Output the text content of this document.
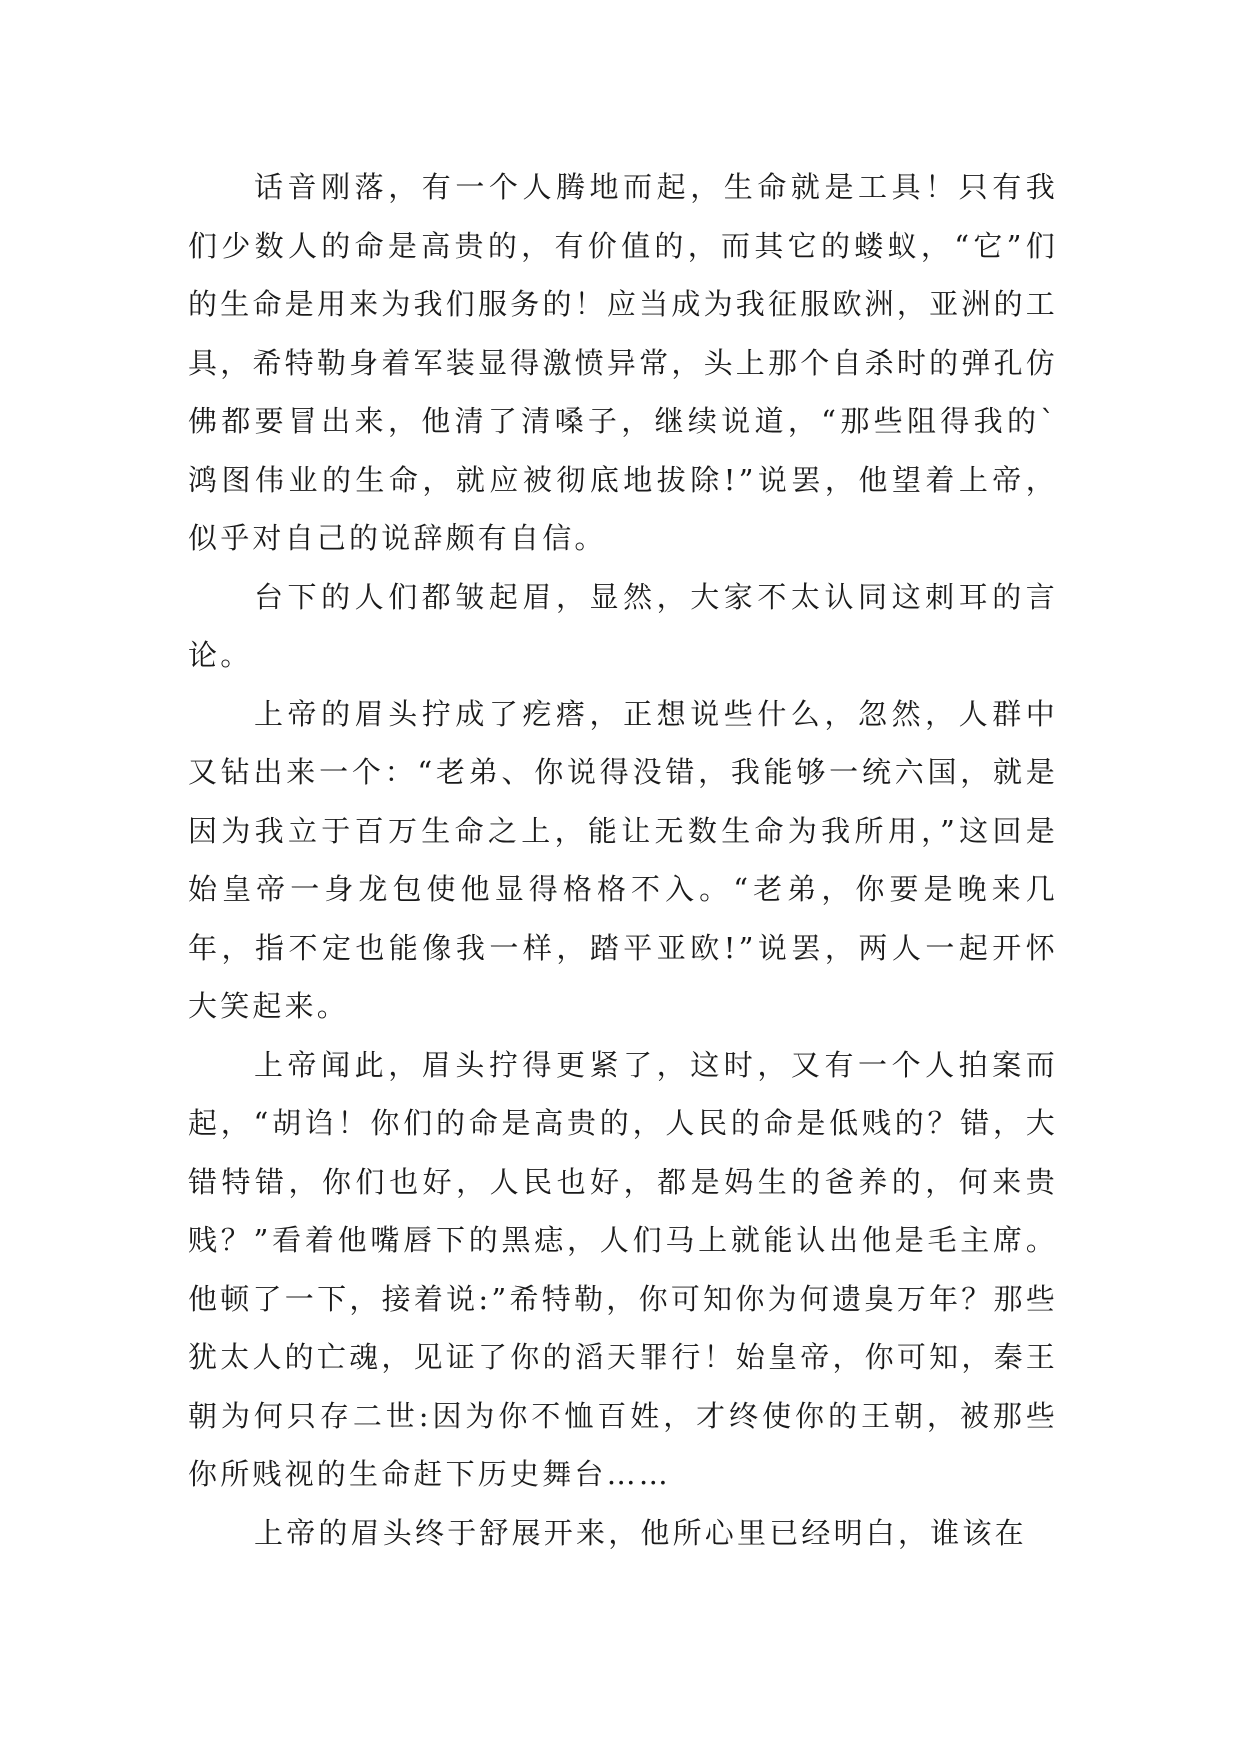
话音刚落，有一个人腾地而起，生命就是工具！只有我们少数人的命是高贵的，有价值的，而其它的蝼蚁，“它”们的生命是用来为我们服务的！应当成为我征服欧洲，亚洲的工具，希特勒身着军装显得激愤异常，头上那个自杀时的弹孔仿佛都要冒出来，他清了清嗓子，继续说道，“那些阻得我的`鸿图伟业的生命，就应被彻底地拔除!”说罢，他望着上帝，似乎对自己的说辞颇有自信。

台下的人们都皱起眉，显然，大家不太认同这刺耳的言论。

上帝的眉头拧成了疙瘩，正想说些什么，忽然，人群中又钻出来一个：“老弟、你说得没错，我能够一统六国，就是因为我立于百万生命之上，能让无数生命为我所用，”这回是始皇帝一身龙包使他显得格格不入。“老弟，你要是晚来几年，指不定也能像我一样，踏平亚欧!”说罢，两人一起开怀大笑起来。

上帝闻此，眉头拧得更紧了，这时，又有一个人拍案而起，“胡诌！你们的命是高贵的，人民的命是低贱的？错，大错特错，你们也好，人民也好，都是妈生的爸养的，何来贵贱？”看着他嘴唇下的黑痣，人们马上就能认出他是毛主席。他顿了一下，接着说:”希特勒，你可知你为何遗臭万年？那些犹太人的亡魂，见证了你的滔天罪行！始皇帝，你可知，秦王朝为何只存二世:因为你不恤百姓，才终使你的王朝，被那些你所贱视的生命赶下历史舞台……

上帝的眉头终于舒展开来，他所心里已经明白，谁该在
